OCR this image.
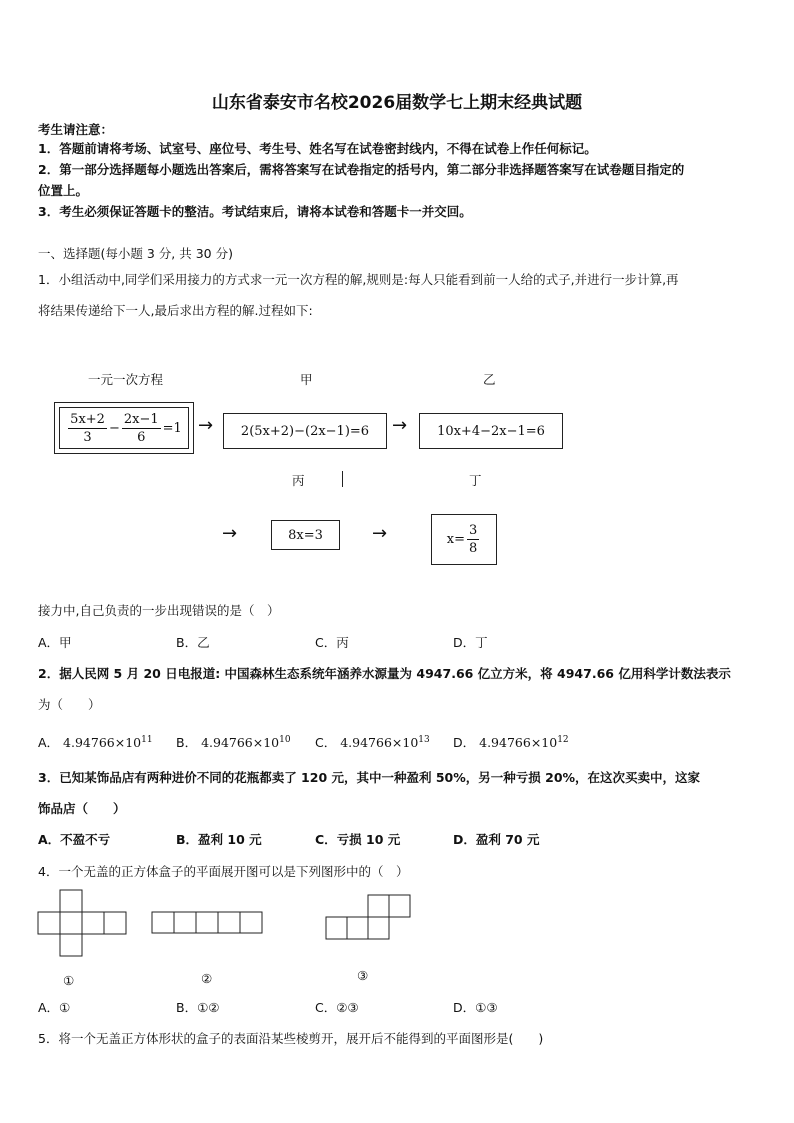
山东省泰安市名校2026届数学七上期末经典试题
考生请注意：
1．答题前请将考场、试室号、座位号、考生号、姓名写在试卷密封线内，不得在试卷上作任何标记。
2．第一部分选择题每小题选出答案后，需将答案写在试卷指定的括号内，第二部分非选择题答案写在试卷题目指定的
位置上。
3．考生必须保证答题卡的整洁。考试结束后，请将本试卷和答题卡一并交回。
一、选择题(每小题 3 分, 共 30 分)
1．小组活动中,同学们采用接力的方式求一元一次方程的解,规则是:每人只能看到前一人给的式子,并进行一步计算,再
将结果传递给下一人,最后求出方程的解.过程如下:
一元一次方程	甲	乙
$\frac{5x+2}{3} - \frac{2x-1}{6} =1$ →	2(5x+2)−(2x−1)=6	→	10x+4−2x−1=6
丙	丁
→	8x=3	→	$x= \frac{3}{8}$
接力中,自己负责的一步出现错误的是（　）
A．甲	B．乙	C．丙	D．丁
2．据人民网 5 月 20 日电报道: 中国森林生态系统年涵养水源量为 4947.66 亿立方米，将 4947.66 亿用科学计数法表示
为（　　）
A． $4.94766\times 10^{11}$ B． $4.94766\times 10^{10}$ C． $4.94766\times 10^{13}$ D． $4.94766\times 10^{12}$
3．已知某饰品店有两种进价不同的花瓶都卖了 120 元，其中一种盈利 50%，另一种亏损 20%，在这次买卖中，这家
饰品店（　　）
A．不盈不亏	B．盈利 10 元	C．亏损 10 元	D．盈利 70 元
4．一个无盖的正方体盒子的平面展开图可以是下列图形中的（　）
①	②	③
A．①	B．①②	C．②③	D．①③
5．将一个无盖正方体形状的盒子的表面沿某些棱剪开，展开后不能得到的平面图形是(　　)
